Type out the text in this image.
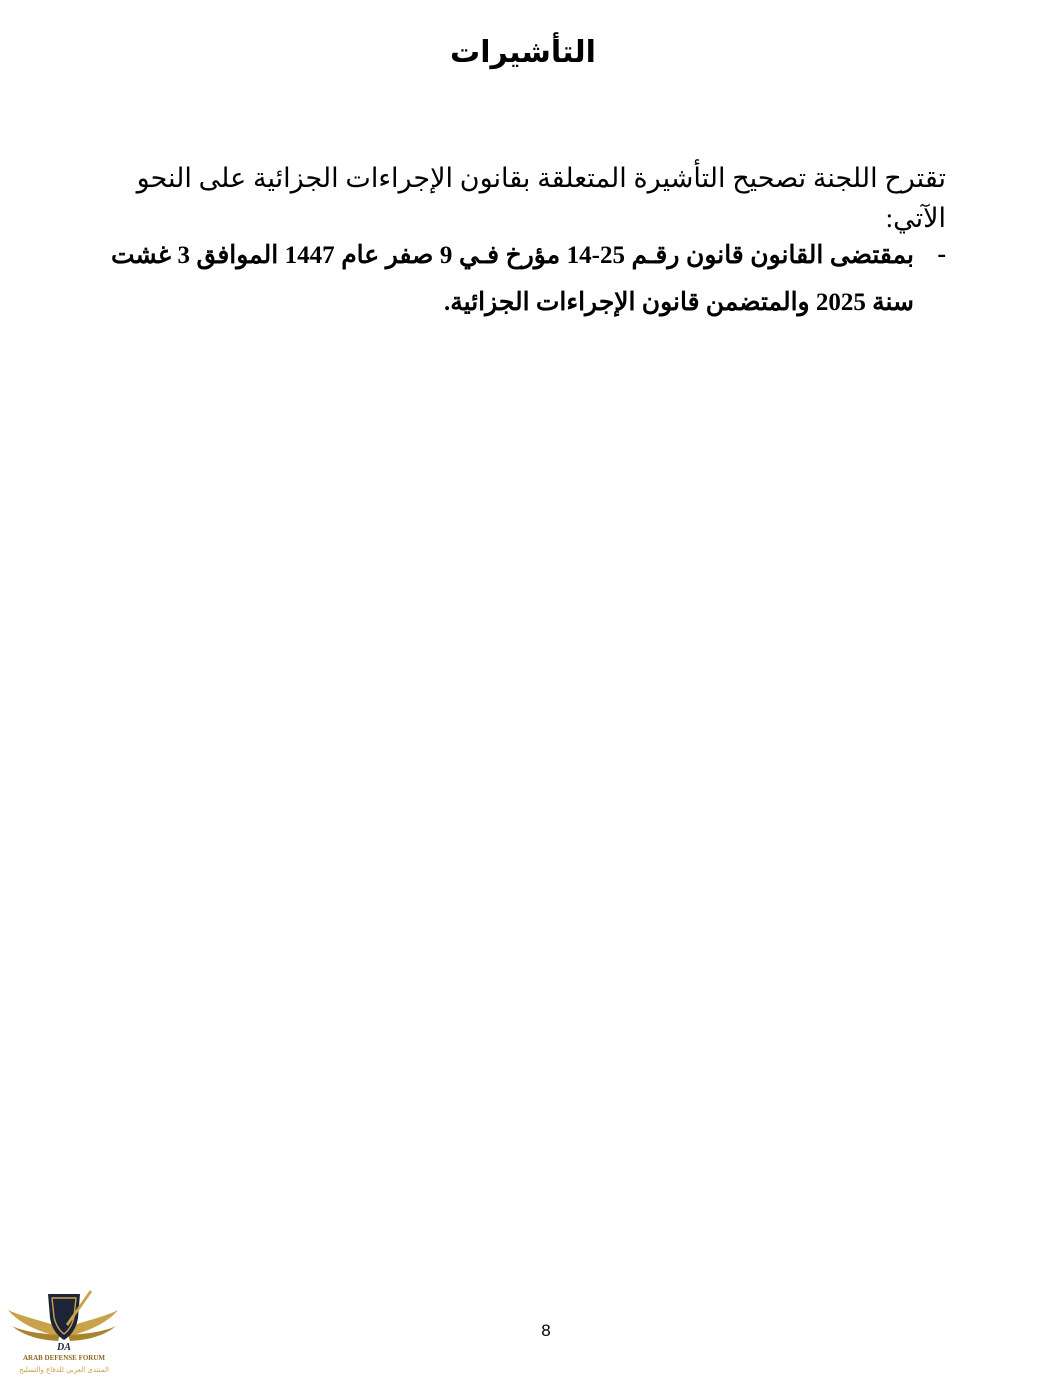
التأشيرات
تقترح اللجنة تصحيح التأشيرة المتعلقة بقانون الإجراءات الجزائية على النحو الآتي:
-
بمقتضى القانون قانون رقـم 25-14 مؤرخ فـي 9 صفر عام 1447 الموافق 3 غشت سنة 2025 والمتضمن قانون الإجراءات الجزائية.
8
DA
ARAB DEFENSE FORUM
المنتدى العربي للدفاع والتسليح
